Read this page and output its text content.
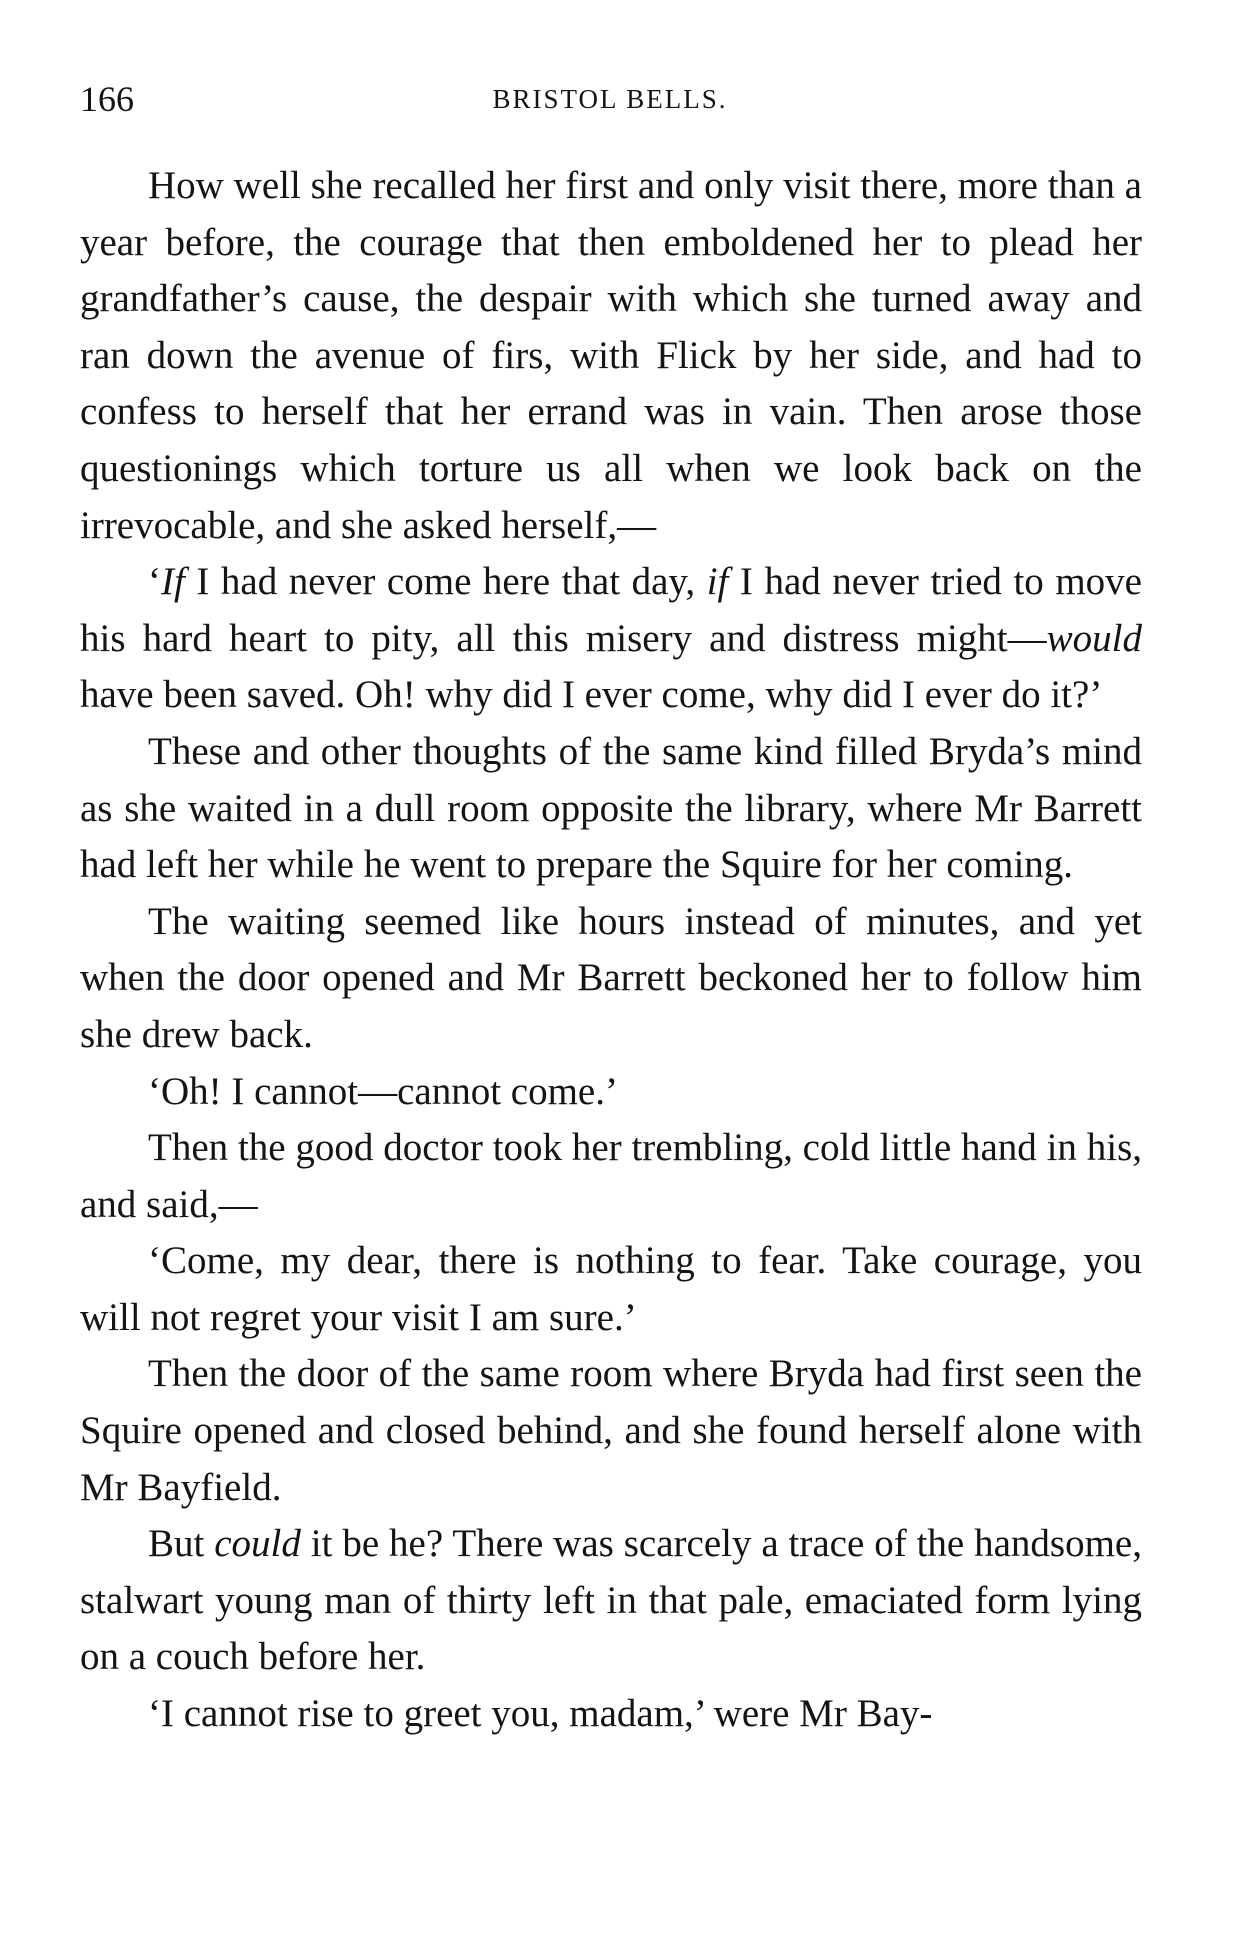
166	BRISTOL BELLS.

How well she recalled her first and only visit there, more than a year before, the courage that then emboldened her to plead her grandfather’s cause, the despair with which she turned away and ran down the avenue of firs, with Flick by her side, and had to confess to herself that her errand was in vain. Then arose those questionings which torture us all when we look back on the irrevocable, and she asked herself,—

‘If I had never come here that day, if I had never tried to move his hard heart to pity, all this misery and distress might—would have been saved. Oh! why did I ever come, why did I ever do it?’

These and other thoughts of the same kind filled Bryda’s mind as she waited in a dull room opposite the library, where Mr Barrett had left her while he went to prepare the Squire for her coming.

The waiting seemed like hours instead of minutes, and yet when the door opened and Mr Barrett beckoned her to follow him she drew back.

‘Oh! I cannot—cannot come.’

Then the good doctor took her trembling, cold little hand in his, and said,—

‘Come, my dear, there is nothing to fear. Take courage, you will not regret your visit I am sure.’

Then the door of the same room where Bryda had first seen the Squire opened and closed behind, and she found herself alone with Mr Bayfield.

But could it be he? There was scarcely a trace of the handsome, stalwart young man of thirty left in that pale, emaciated form lying on a couch before her.

‘I cannot rise to greet you, madam,’ were Mr Bay-
